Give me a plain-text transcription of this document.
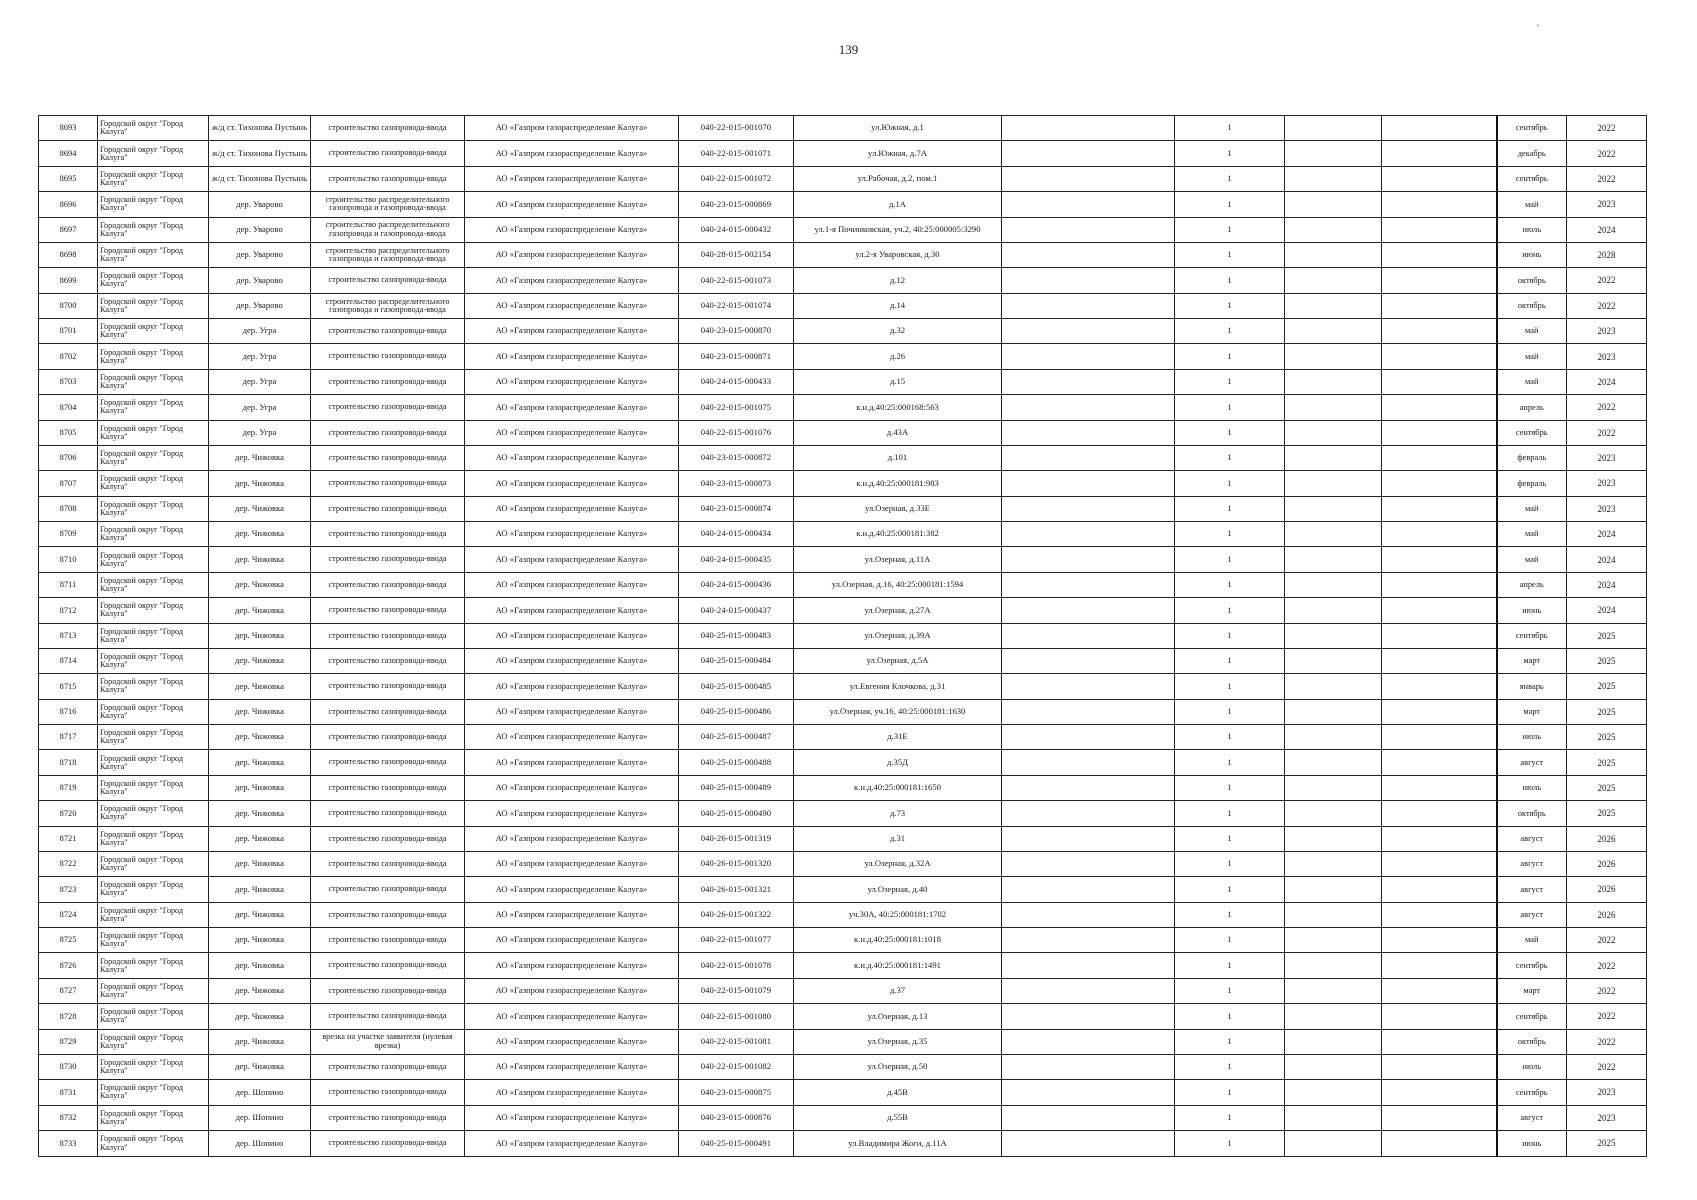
139
ˏ
8693	Городской округ "Город Калуга"	ж/д ст. Тихонова Пустынь	строительство газопровода-ввода	АО «Газпром газораспределение Калуга»	040-22-015-001070	ул.Южная, д.1		1			сентябрь	2022
8694	Городской округ "Город Калуга"	ж/д ст. Тихонова Пустынь	строительство газопровода-ввода	АО «Газпром газораспределение Калуга»	040-22-015-001071	ул.Южная, д.7А		1			декабрь	2022
8695	Городской округ "Город Калуга"	ж/д ст. Тихонова Пустынь	строительство газопровода-ввода	АО «Газпром газораспределение Калуга»	040-22-015-001072	ул.Рабочая, д.2, пом.1		1			сентябрь	2022
8696	Городской округ "Город Калуга"	дер. Уварово	строительство распределительного газопровода и газопровода-ввода	АО «Газпром газораспределение Калуга»	040-23-015-000869	д.1А		1			май	2023
8697	Городской округ "Город Калуга"	дер. Уварово	строительство распределительного газопровода и газопровода-ввода	АО «Газпром газораспределение Калуга»	040-24-015-000432	ул.1-я Починковская, уч.2, 40:25:000005:3290		1			июль	2024
8698	Городской округ "Город Калуга"	дер. Уварово	строительство распределительного газопровода и газопровода-ввода	АО «Газпром газораспределение Калуга»	040-28-015-002154	ул.2-я Уваровская, д.30		1			июнь	2028
8699	Городской округ "Город Калуга"	дер. Уварово	строительство газопровода-ввода	АО «Газпром газораспределение Калуга»	040-22-015-001073	д.12		1			октябрь	2022
8700	Городской округ "Город Калуга"	дер. Уварово	строительство распределительного газопровода и газопровода-ввода	АО «Газпром газораспределение Калуга»	040-22-015-001074	д.14		1			октябрь	2022
8701	Городской округ "Город Калуга"	дер. Угра	строительство газопровода-ввода	АО «Газпром газораспределение Калуга»	040-23-015-000870	д.32		1			май	2023
8702	Городской округ "Город Калуга"	дер. Угра	строительство газопровода-ввода	АО «Газпром газораспределение Калуга»	040-23-015-000871	д.26		1			май	2023
8703	Городской округ "Город Калуга"	дер. Угра	строительство газопровода-ввода	АО «Газпром газораспределение Калуга»	040-24-015-000433	д.15		1			май	2024
8704	Городской округ "Город Калуга"	дер. Угра	строительство газопровода-ввода	АО «Газпром газораспределение Калуга»	040-22-015-001075	к.н.д.40:25:000168:563		1			апрель	2022
8705	Городской округ "Город Калуга"	дер. Угра	строительство газопровода-ввода	АО «Газпром газораспределение Калуга»	040-22-015-001076	д.43А		1			сентябрь	2022
8706	Городской округ "Город Калуга"	дер. Чижовка	строительство газопровода-ввода	АО «Газпром газораспределение Калуга»	040-23-015-000872	д.101		1			февраль	2023
8707	Городской округ "Город Калуга"	дер. Чижовка	строительство газопровода-ввода	АО «Газпром газораспределение Калуга»	040-23-015-000873	к.н.д.40:25:000181:983		1			февраль	2023
8708	Городской округ "Город Калуга"	дер. Чижовка	строительство газопровода-ввода	АО «Газпром газораспределение Калуга»	040-23-015-000874	ул.Озерная, д.33Е		1			май	2023
8709	Городской округ "Город Калуга"	дер. Чижовка	строительство газопровода-ввода	АО «Газпром газораспределение Калуга»	040-24-015-000434	к.н.д.40:25:000181:382		1			май	2024
8710	Городской округ "Город Калуга"	дер. Чижовка	строительство газопровода-ввода	АО «Газпром газораспределение Калуга»	040-24-015-000435	ул.Озерная, д.11А		1			май	2024
8711	Городской округ "Город Калуга"	дер. Чижовка	строительство газопровода-ввода	АО «Газпром газораспределение Калуга»	040-24-015-000436	ул.Озерная, д.16, 40:25:000181:1594		1			апрель	2024
8712	Городской округ "Город Калуга"	дер. Чижовка	строительство газопровода-ввода	АО «Газпром газораспределение Калуга»	040-24-015-000437	ул.Озерная, д.27А		1			июнь	2024
8713	Городской округ "Город Калуга"	дер. Чижовка	строительство газопровода-ввода	АО «Газпром газораспределение Калуга»	040-25-015-000483	ул.Озерная, д.39А		1			сентябрь	2025
8714	Городской округ "Город Калуга"	дер. Чижовка	строительство газопровода-ввода	АО «Газпром газораспределение Калуга»	040-25-015-000484	ул.Озерная, д.5А		1			март	2025
8715	Городской округ "Город Калуга"	дер. Чижовка	строительство газопровода-ввода	АО «Газпром газораспределение Калуга»	040-25-015-000485	ул.Евгения Клочкова, д.31		1			январь	2025
8716	Городской округ "Город Калуга"	дер. Чижовка	строительство газопровода-ввода	АО «Газпром газораспределение Калуга»	040-25-015-000486	ул.Озерная, уч.16, 40:25:000181:1630		1			март	2025
8717	Городской округ "Город Калуга"	дер. Чижовка	строительство газопровода-ввода	АО «Газпром газораспределение Калуга»	040-25-015-000487	д.31Е		1			июль	2025
8718	Городской округ "Город Калуга"	дер. Чижовка	строительство газопровода-ввода	АО «Газпром газораспределение Калуга»	040-25-015-000488	д.35Д		1			август	2025
8719	Городской округ "Город Калуга"	дер. Чижовка	строительство газопровода-ввода	АО «Газпром газораспределение Калуга»	040-25-015-000489	к.н.д.40:25:000181:1650		1			июль	2025
8720	Городской округ "Город Калуга"	дер. Чижовка	строительство газопровода-ввода	АО «Газпром газораспределение Калуга»	040-25-015-000490	д.73		1			октябрь	2025
8721	Городской округ "Город Калуга"	дер. Чижовка	строительство газопровода-ввода	АО «Газпром газораспределение Калуга»	040-26-015-001319	д.31		1			август	2026
8722	Городской округ "Город Калуга"	дер. Чижовка	строительство газопровода-ввода	АО «Газпром газораспределение Калуга»	040-26-015-001320	ул.Озерная, д.32А		1			август	2026
8723	Городской округ "Город Калуга"	дер. Чижовка	строительство газопровода-ввода	АО «Газпром газораспределение Калуга»	040-26-015-001321	ул.Озерная, д.40		1			август	2026
8724	Городской округ "Город Калуга"	дер. Чижовка	строительство газопровода-ввода	АО «Газпром газораспределение Калуга»	040-26-015-001322	уч.30А, 40:25:000181:1702		1			август	2026
8725	Городской округ "Город Калуга"	дер. Чижовка	строительство газопровода-ввода	АО «Газпром газораспределение Калуга»	040-22-015-001077	к.н.д.40:25:000181:1018		1			май	2022
8726	Городской округ "Город Калуга"	дер. Чижовка	строительство газопровода-ввода	АО «Газпром газораспределение Калуга»	040-22-015-001078	к.н.д.40:25:000181:1491		1			сентябрь	2022
8727	Городской округ "Город Калуга"	дер. Чижовка	строительство газопровода-ввода	АО «Газпром газораспределение Калуга»	040-22-015-001079	д.37		1			март	2022
8728	Городской округ "Город Калуга"	дер. Чижовка	строительство газопровода-ввода	АО «Газпром газораспределение Калуга»	040-22-015-001080	ул.Озерная, д.13		1			сентябрь	2022
8729	Городской округ "Город Калуга"	дер. Чижовка	врезка на участке заявителя (нулевая врезка)	АО «Газпром газораспределение Калуга»	040-22-015-001081	ул.Озерная, д.35		1			октябрь	2022
8730	Городской округ "Город Калуга"	дер. Чижовка	строительство газопровода-ввода	АО «Газпром газораспределение Калуга»	040-22-015-001082	ул.Озерная, д.50		1			июль	2022
8731	Городской округ "Город Калуга"	дер. Шопино	строительство газопровода-ввода	АО «Газпром газораспределение Калуга»	040-23-015-000875	д.45В		1			сентябрь	2023
8732	Городской округ "Город Калуга"	дер. Шопино	строительство газопровода-ввода	АО «Газпром газораспределение Калуга»	040-23-015-000876	д.55В		1			август	2023
8733	Городской округ "Город Калуга"	дер. Шопино	строительство газопровода-ввода	АО «Газпром газораспределение Калуга»	040-25-015-000491	ул.Владимира Жоги, д.11А		1			июнь	2025
